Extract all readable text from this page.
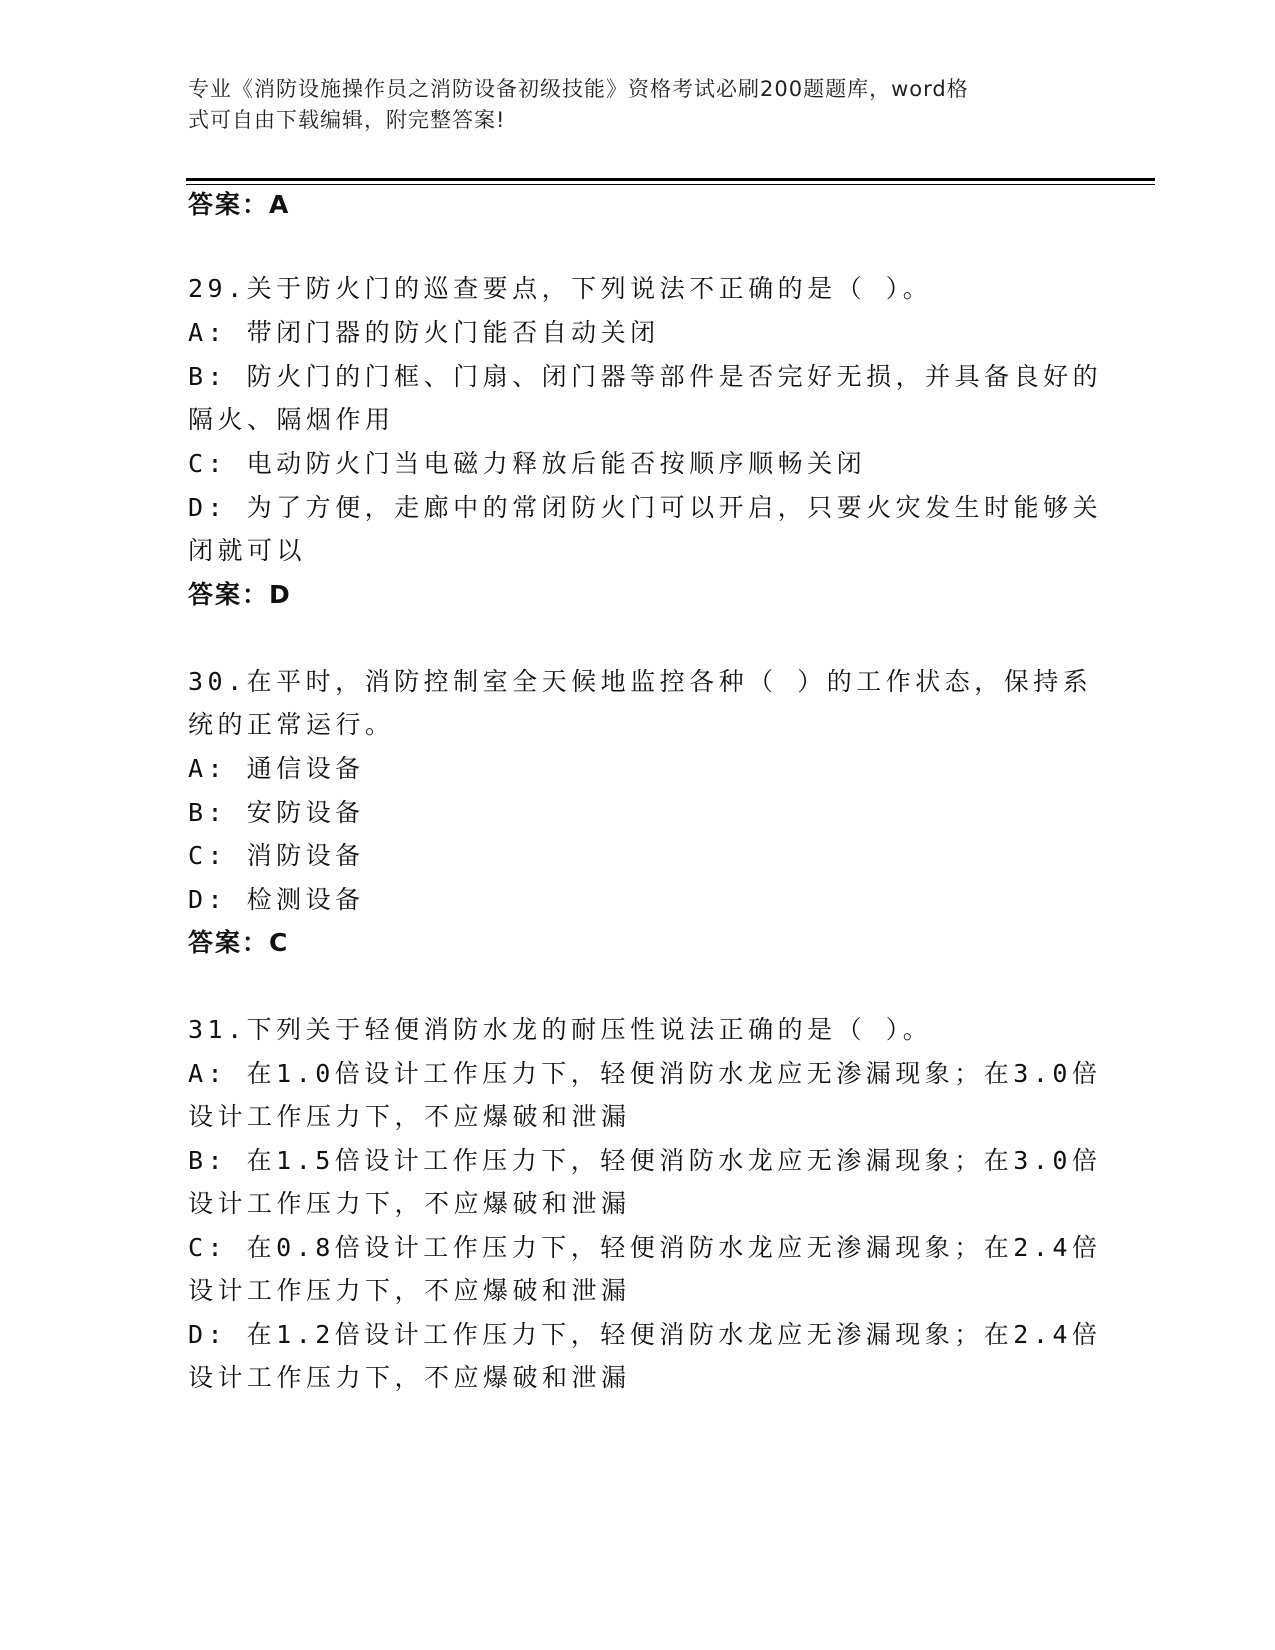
专业《消防设施操作员之消防设备初级技能》资格考试必刷200题题库，word格
式可自由下载编辑，附完整答案!
答案：A
29.关于防火门的巡查要点，下列说法不正确的是（ ）。
A: 带闭门器的防火门能否自动关闭
B: 防火门的门框、门扇、闭门器等部件是否完好无损，并具备良好的
隔火、隔烟作用
C: 电动防火门当电磁力释放后能否按顺序顺畅关闭
D: 为了方便，走廊中的常闭防火门可以开启，只要火灾发生时能够关
闭就可以
答案：D
30.在平时，消防控制室全天候地监控各种（ ）的工作状态，保持系
统的正常运行。
A: 通信设备
B: 安防设备
C: 消防设备
D: 检测设备
答案：C
31.下列关于轻便消防水龙的耐压性说法正确的是（ ）。
A: 在1.0倍设计工作压力下，轻便消防水龙应无渗漏现象；在3.0倍
设计工作压力下，不应爆破和泄漏
B: 在1.5倍设计工作压力下，轻便消防水龙应无渗漏现象；在3.0倍
设计工作压力下，不应爆破和泄漏
C: 在0.8倍设计工作压力下，轻便消防水龙应无渗漏现象；在2.4倍
设计工作压力下，不应爆破和泄漏
D: 在1.2倍设计工作压力下，轻便消防水龙应无渗漏现象；在2.4倍
设计工作压力下，不应爆破和泄漏
